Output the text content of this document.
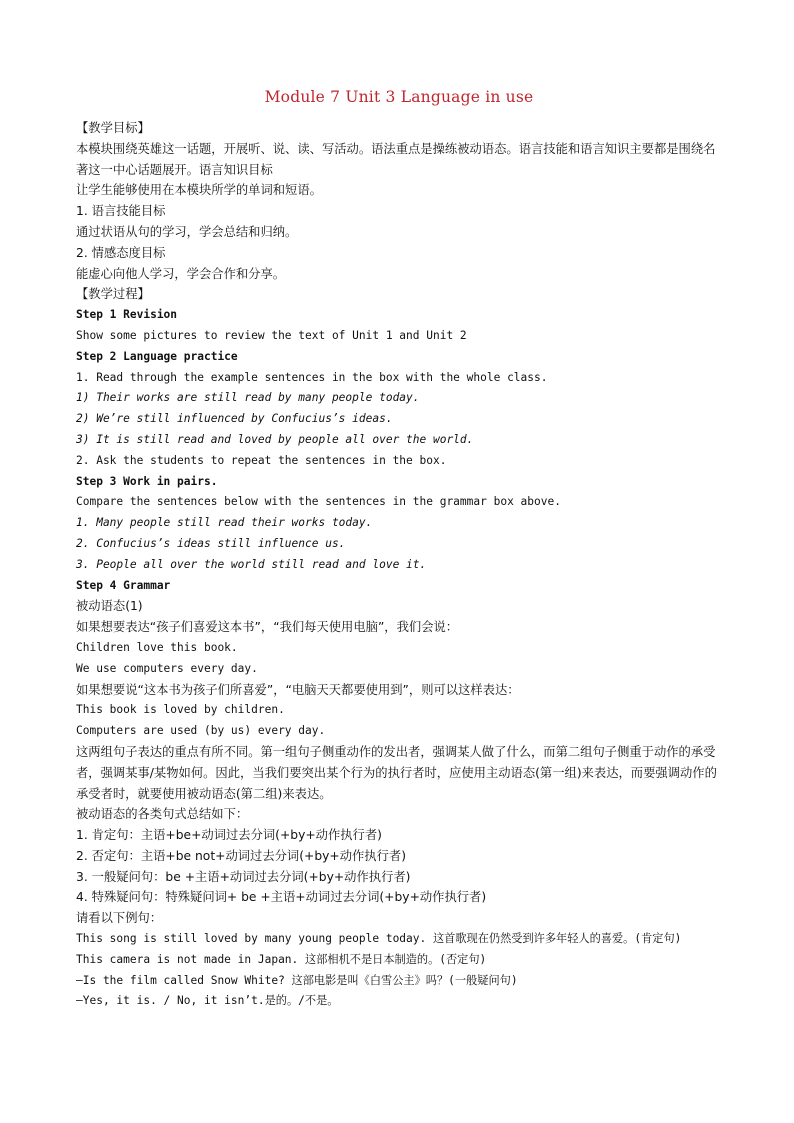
Module 7 Unit 3 Language in use
【教学目标】
本模块围绕英雄这一话题，开展听、说、读、写活动。语法重点是操练被动语态。语言技能和语言知识主要都是围绕名著这一中心话题展开。语言知识目标
让学生能够使用在本模块所学的单词和短语。
1. 语言技能目标
通过状语从句的学习，学会总结和归纳。
2. 情感态度目标
能虚心向他人学习，学会合作和分享。
【教学过程】
Step 1 Revision
Show some pictures to review the text of Unit 1 and Unit 2
Step 2 Language practice
1. Read through the example sentences in the box with the whole class.
1) Their works are still read by many people today.
2) We’re still influenced by Confucius’s ideas.
3) It is still read and loved by people all over the world.
2. Ask the students to repeat the sentences in the box.
Step 3 Work in pairs.
Compare the sentences below with the sentences in the grammar box above.
1. Many people still read their works today.
2. Confucius’s ideas still influence us.
3. People all over the world still read and love it.
Step 4 Grammar
被动语态(1)
如果想要表达“孩子们喜爱这本书”，“我们每天使用电脑”，我们会说：
Children love this book.
We use computers every day.
如果想要说“这本书为孩子们所喜爱”，“电脑天天都要使用到”，则可以这样表达：
This book is loved by children.
Computers are used (by us) every day.
这两组句子表达的重点有所不同。第一组句子侧重动作的发出者，强调某人做了什么，而第二组句子侧重于动作的承受者，强调某事/某物如何。因此，当我们要突出某个行为的执行者时，应使用主动语态(第一组)来表达，而要强调动作的承受者时，就要使用被动语态(第二组)来表达。
被动语态的各类句式总结如下：
1. 肯定句：主语+be+动词过去分词(+by+动作执行者)
2. 否定句：主语+be not+动词过去分词(+by+动作执行者)
3. 一般疑问句：be +主语+动词过去分词(+by+动作执行者)
4. 特殊疑问句：特殊疑问词+ be +主语+动词过去分词(+by+动作执行者)
请看以下例句：
This song is still loved by many young people today. 这首歌现在仍然受到许多年轻人的喜爱。(肯定句)
This camera is not made in Japan. 这部相机不是日本制造的。(否定句)
—Is the film called Snow White? 这部电影是叫《白雪公主》吗？(一般疑问句)
—Yes, it is. / No, it isn’t.是的。/不是。
